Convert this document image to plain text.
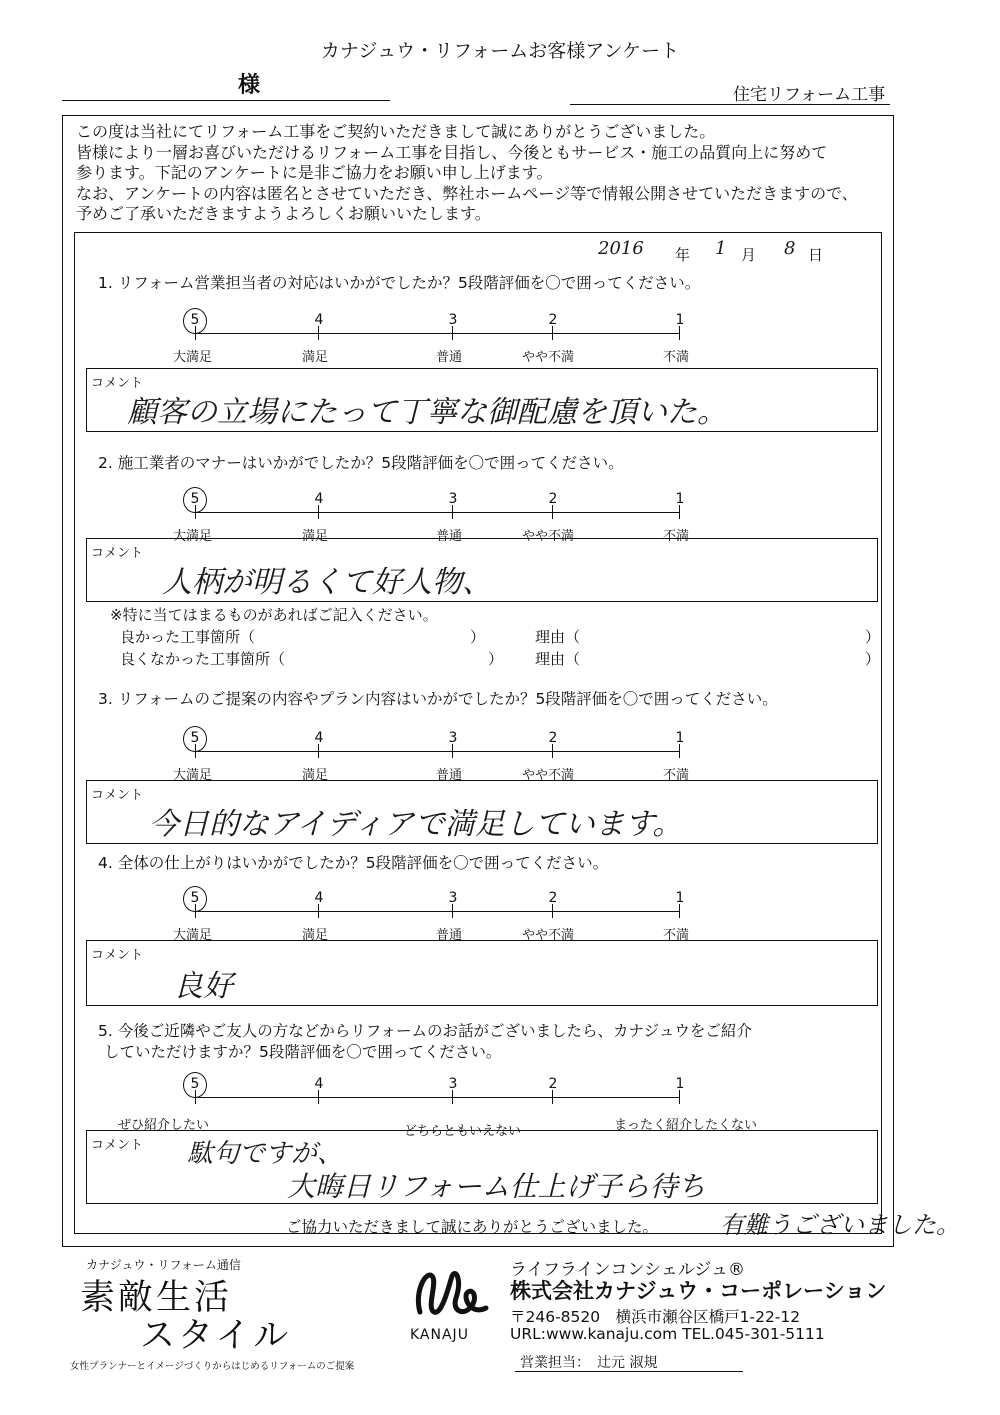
カナジュウ・リフォームお客様アンケート
様	住宅リフォーム工事
この度は当社にてリフォーム工事をご契約いただきまして誠にありがとうございました。
皆様により一層お喜びいただけるリフォーム工事を目指し、今後ともサービス・施工の品質向上に努めて
参ります。下記のアンケートに是非ご協力をお願い申し上げます。
なお、アンケートの内容は匿名とさせていただき、弊社ホームページ等で情報公開させていただきますので、
予めご了承いただきますようよろしくお願いいたします。
2016 年 1 月 8 日
1. リフォーム営業担当者の対応はいかがでしたか？5段階評価を〇で囲ってください。
5
大満足
4
満足
3
普通
2
やや不満
1
不満
コメント
顧客の立場にたって丁寧な御配慮を頂いた。
2. 施工業者のマナーはいかがでしたか？5段階評価を〇で囲ってください。
5
大満足
4
満足
3
普通
2
やや不満
1
不満
コメント
人柄が明るくて好人物、
※特に当てはまるものがあればご記入ください。
良かった工事箇所（	）	理由（	）
良くなかった工事箇所（	） 理由（	）
3. リフォームのご提案の内容やプラン内容はいかがでしたか？5段階評価を〇で囲ってください。
5
大満足
4
満足
3
普通
2
やや不満
1
不満
コメント
今日的なアイディアで満足しています。
4. 全体の仕上がりはいかがでしたか？5段階評価を〇で囲ってください。
5
大満足
4
満足
3
普通
2
やや不満
1
不満
コメント
良好
5. 今後ご近隣やご友人の方などからリフォームのお話がございましたら、カナジュウをご紹介
していただけますか？5段階評価を〇で囲ってください。
5	4	3	2	1
ぜひ紹介したい	どちらともいえない	まったく紹介したくない
コメント 駄句ですが、
大晦日リフォーム仕上げ子ら待ち
ご協力いただきまして誠にありがとうございました。	有難うございました。
カナジュウ・リフォーム通信
素敵生活
スタイル
女性プランナーとイメージづくりからはじめるリフォームのご提案
KANAJU
ライフラインコンシェルジュ®
株式会社カナジュウ・コーポレーション
〒246-8520　横浜市瀬谷区橋戸1-22-12
URL:www.kanaju.com TEL.045-301-5111
営業担当： 辻元 淑規
